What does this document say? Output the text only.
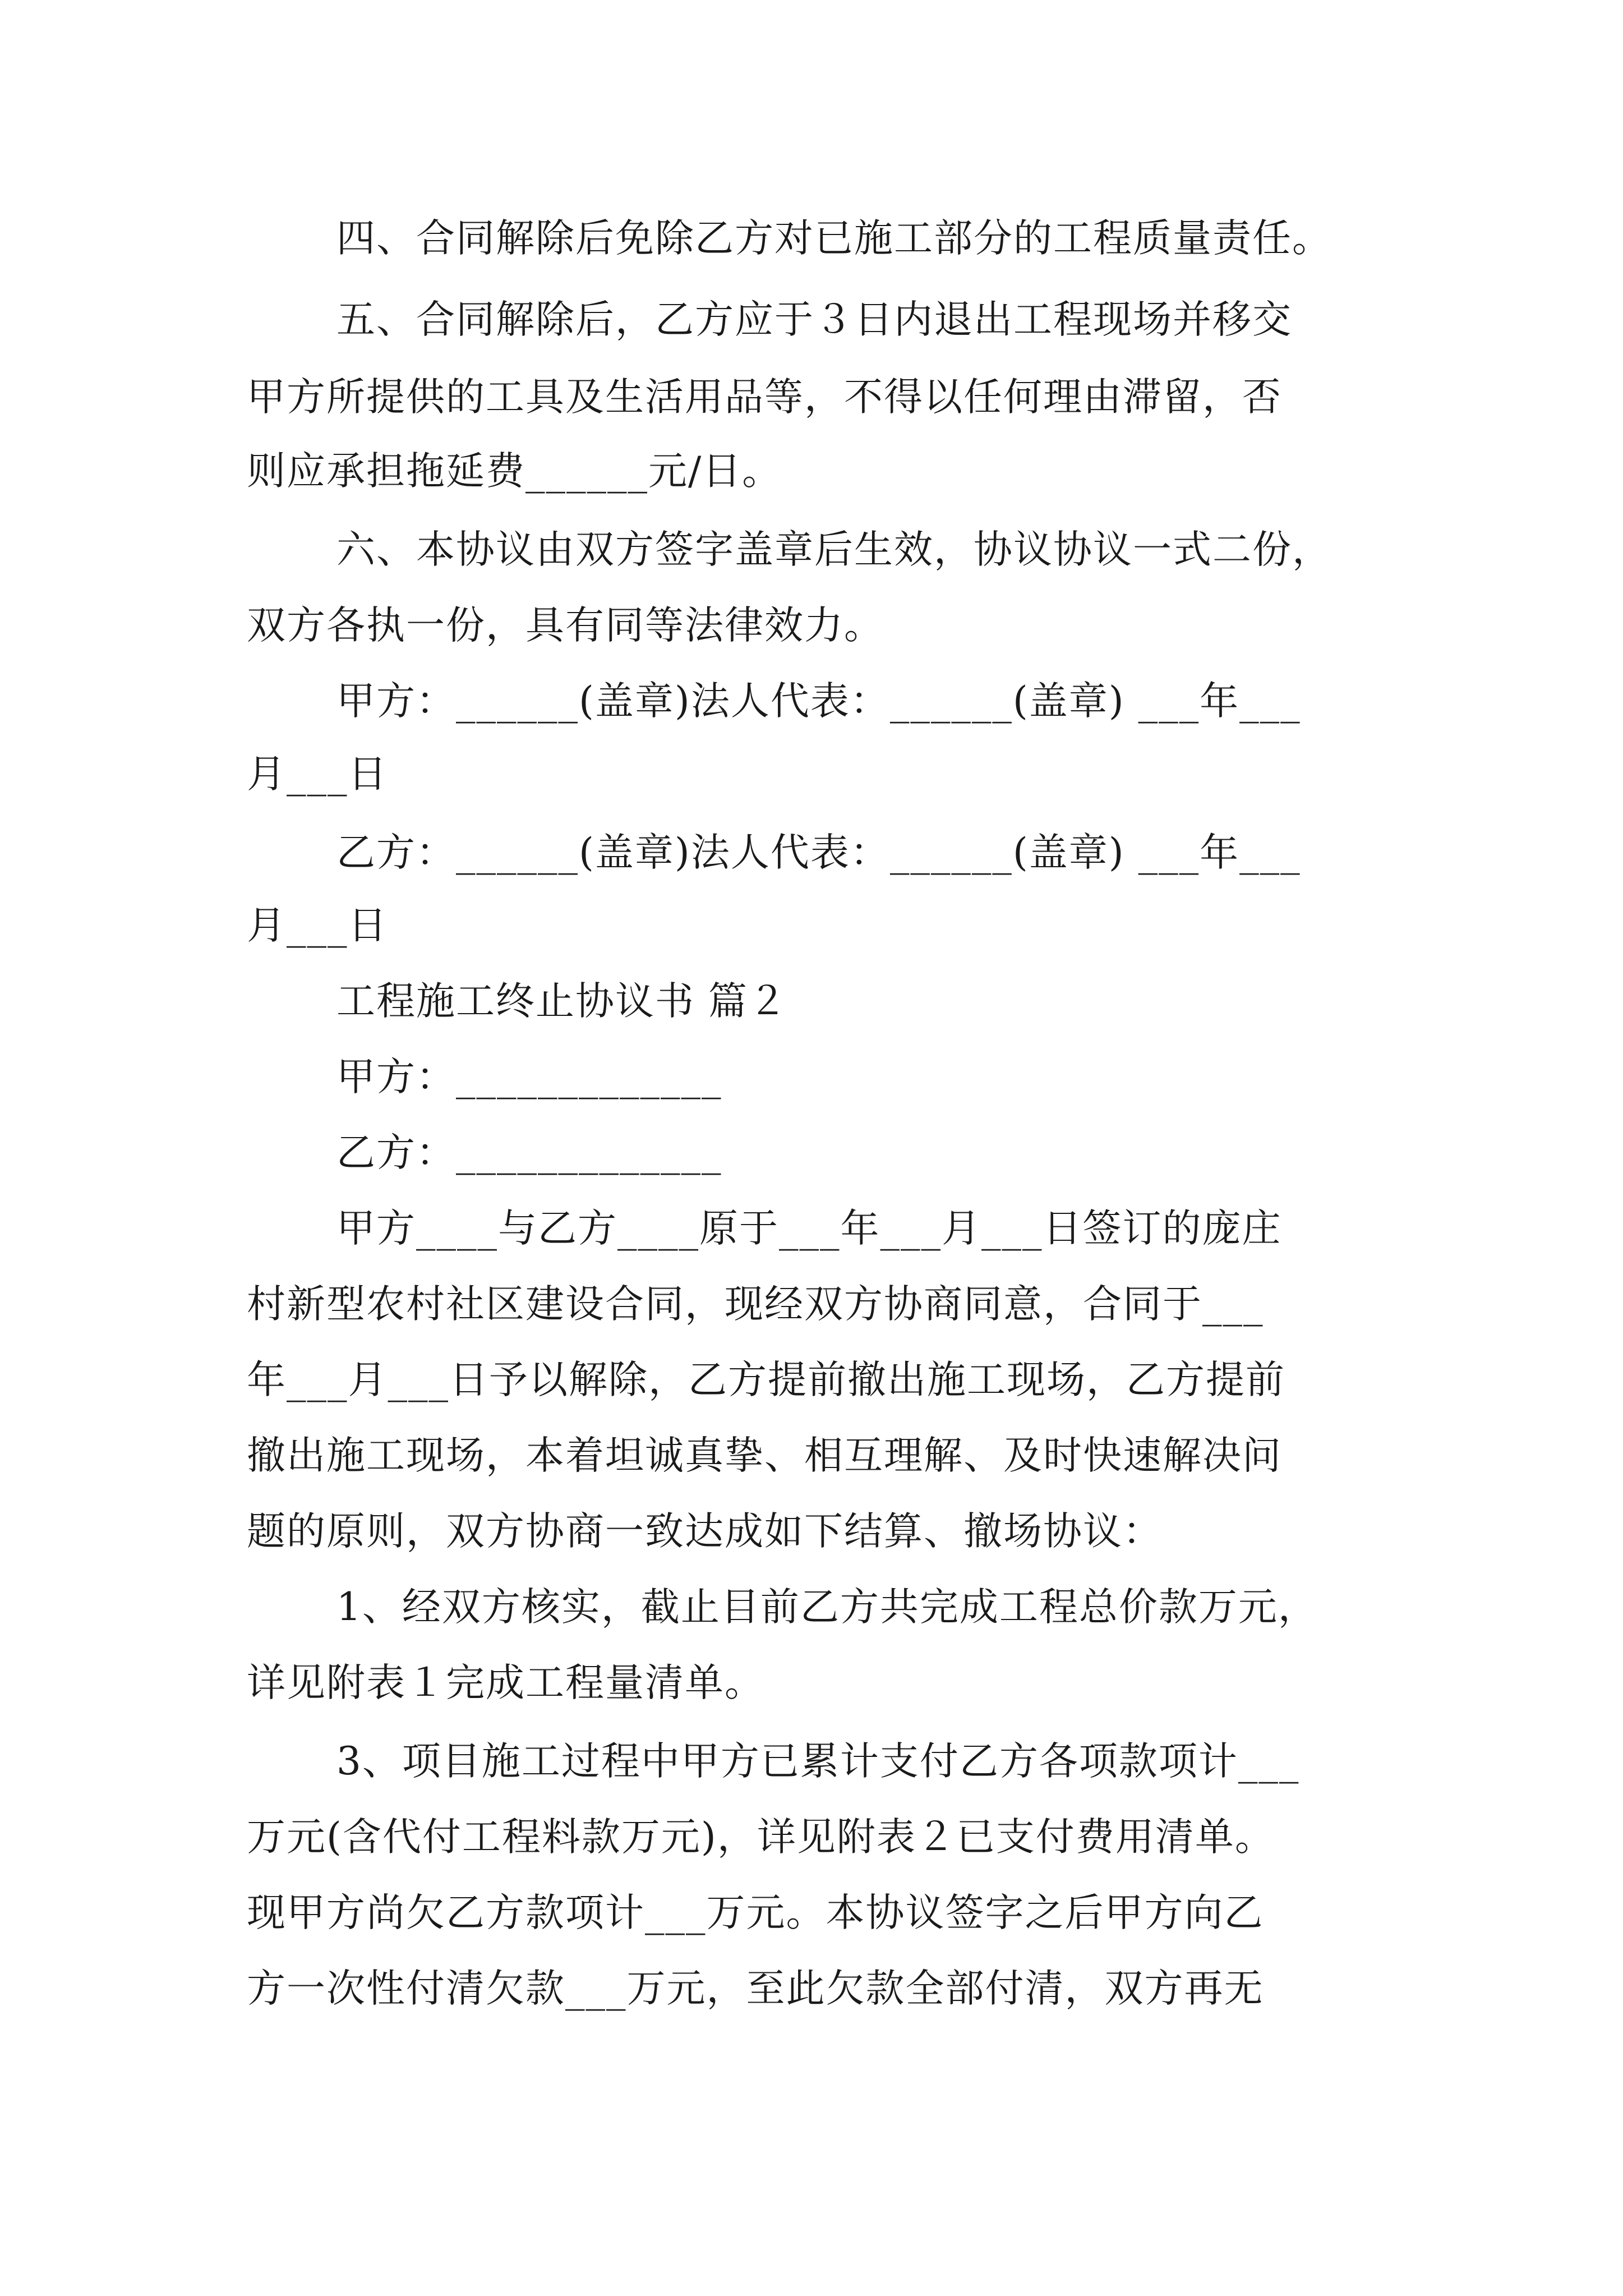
四、合同解除后免除乙方对已施工部分的工程质量责任。
五、合同解除后，乙方应于３日内退出工程现场并移交
甲方所提供的工具及生活用品等，不得以任何理由滞留，否
则应承担拖延费______元/日。
六、本协议由双方签字盖章后生效，协议协议一式二份，
双方各执一份，具有同等法律效力。
甲方：______(盖章)法人代表：______(盖章) ___年___
月___日
乙方：______(盖章)法人代表：______(盖章) ___年___
月___日
工程施工终止协议书 篇２
甲方：_____________
乙方：_____________
甲方____与乙方____原于___年___月___日签订的庞庄
村新型农村社区建设合同，现经双方协商同意，合同于___
年___月___日予以解除，乙方提前撤出施工现场，乙方提前
撤出施工现场，本着坦诚真挚、相互理解、及时快速解决问
题的原则，双方协商一致达成如下结算、撤场协议：
1、经双方核实，截止目前乙方共完成工程总价款万元，
详见附表１完成工程量清单。
3、项目施工过程中甲方已累计支付乙方各项款项计___
万元(含代付工程料款万元)，详见附表２已支付费用清单。
现甲方尚欠乙方款项计___万元。本协议签字之后甲方向乙
方一次性付清欠款___万元，至此欠款全部付清，双方再无
